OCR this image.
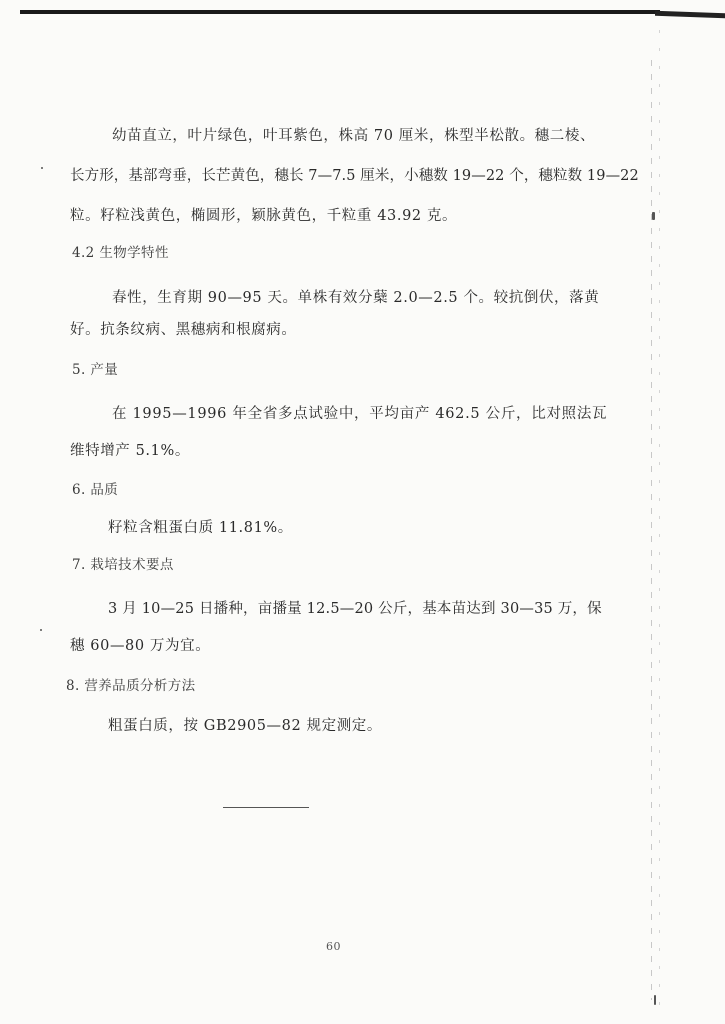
幼苗直立，叶片绿色，叶耳紫色，株高 70 厘米，株型半松散。穗二棱、
长方形，基部弯垂，长芒黄色，穗长 7—7.5 厘米，小穗数 19—22 个，穗粒数 19—22
粒。籽粒浅黄色，椭圆形，颖脉黄色，千粒重 43.92 克。
4.2 生物学特性
春性，生育期 90—95 天。单株有效分蘖 2.0—2.5 个。较抗倒伏，落黄
好。抗条纹病、黑穗病和根腐病。
5. 产量
在 1995—1996 年全省多点试验中，平均亩产 462.5 公斤，比对照法瓦
维特增产 5.1%。
6. 品质
籽粒含粗蛋白质 11.81%。
7. 栽培技术要点
3 月 10—25 日播种，亩播量 12.5—20 公斤，基本苗达到 30—35 万，保
穗 60—80 万为宜。
8. 营养品质分析方法
粗蛋白质，按 GB2905—82 规定测定。
60
